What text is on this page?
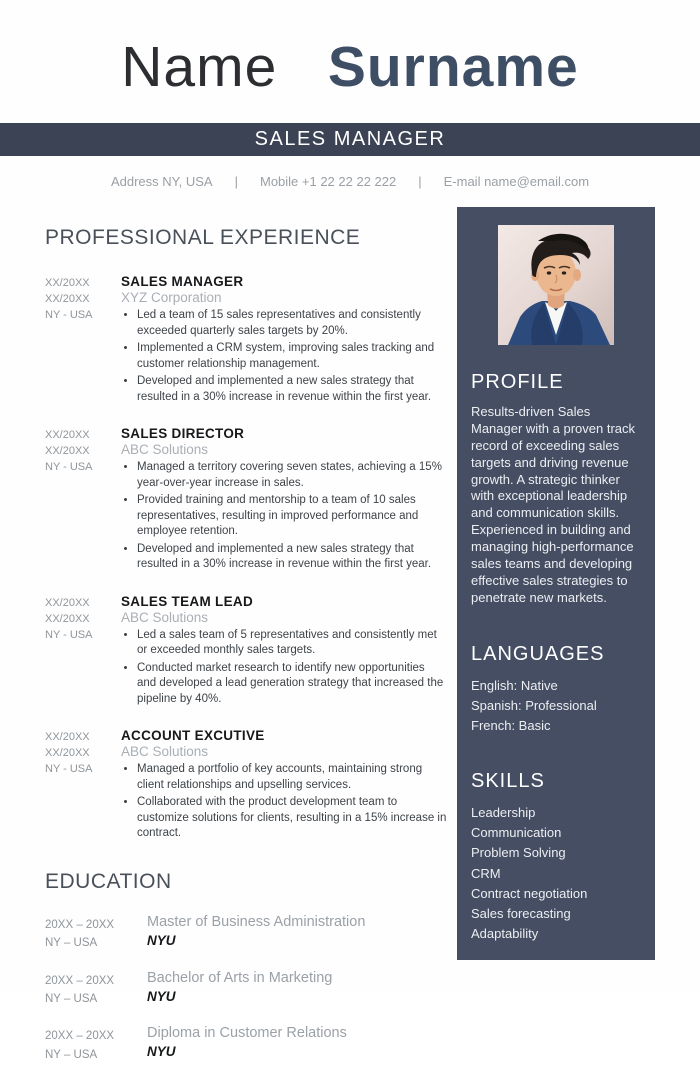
Name Surname
SALES MANAGER
Address NY, USA | Mobile +1 22 22 22 222 | E-mail name@email.com
PROFESSIONAL EXPERIENCE
XX/20XX
XX/20XX
NY - USA
SALES MANAGER
XYZ Corporation
• Led a team of 15 sales representatives and consistently exceeded quarterly sales targets by 20%.
• Implemented a CRM system, improving sales tracking and customer relationship management.
• Developed and implemented a new sales strategy that resulted in a 30% increase in revenue within the first year.
XX/20XX
XX/20XX
NY - USA
SALES DIRECTOR
ABC Solutions
• Managed a territory covering seven states, achieving a 15% year-over-year increase in sales.
• Provided training and mentorship to a team of 10 sales representatives, resulting in improved performance and employee retention.
• Developed and implemented a new sales strategy that resulted in a 30% increase in revenue within the first year.
XX/20XX
XX/20XX
NY - USA
SALES TEAM LEAD
ABC Solutions
• Led a sales team of 5 representatives and consistently met or exceeded monthly sales targets.
• Conducted market research to identify new opportunities and developed a lead generation strategy that increased the pipeline by 40%.
XX/20XX
XX/20XX
NY - USA
ACCOUNT EXCUTIVE
ABC Solutions
• Managed a portfolio of key accounts, maintaining strong client relationships and upselling services.
• Collaborated with the product development team to customize solutions for clients, resulting in a 15% increase in contract.
EDUCATION
20XX – 20XX
NY – USA
Master of Business Administration
NYU
20XX – 20XX
NY – USA
Bachelor of Arts in Marketing
NYU
20XX – 20XX
NY – USA
Diploma in Customer Relations
NYU
PROFILE
Results-driven Sales Manager with a proven track record of exceeding sales targets and driving revenue growth. A strategic thinker with exceptional leadership and communication skills. Experienced in building and managing high-performance sales teams and developing effective sales strategies to penetrate new markets.
LANGUAGES
English: Native
Spanish: Professional
French: Basic
SKILLS
Leadership
Communication
Problem Solving
CRM
Contract negotiation
Sales forecasting
Adaptability
